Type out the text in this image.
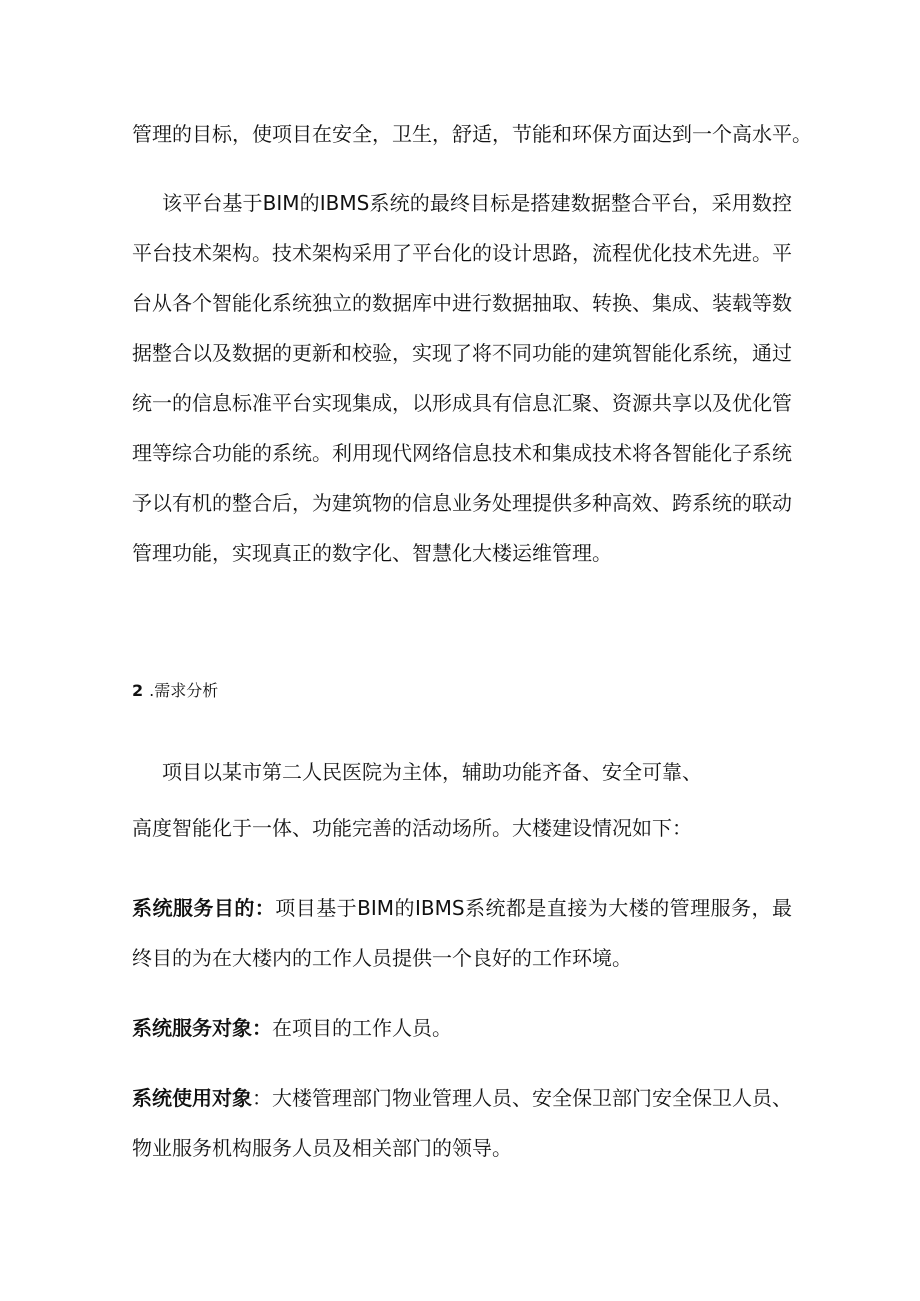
管理的目标，使项目在安全，卫生，舒适，节能和环保方面达到一个高水平。
该平台基于BIM的IBMS系统的最终目标是搭建数据整合平台，采用数控
平台技术架构。技术架构采用了平台化的设计思路，流程优化技术先进。平
台从各个智能化系统独立的数据库中进行数据抽取、转换、集成、装载等数
据整合以及数据的更新和校验，实现了将不同功能的建筑智能化系统，通过
统一的信息标准平台实现集成，以形成具有信息汇聚、资源共享以及优化管
理等综合功能的系统。利用现代网络信息技术和集成技术将各智能化子系统
予以有机的整合后，为建筑物的信息业务处理提供多种高效、跨系统的联动
管理功能，实现真正的数字化、智慧化大楼运维管理。
2 .需求分析
项目以某市第二人民医院为主体，辅助功能齐备、安全可靠、
高度智能化于一体、功能完善的活动场所。大楼建设情况如下：
系统服务目的：项目基于BIM的IBMS系统都是直接为大楼的管理服务，最
终目的为在大楼内的工作人员提供一个良好的工作环境。
系统服务对象：在项目的工作人员。
系统使用对象：大楼管理部门物业管理人员、安全保卫部门安全保卫人员、
物业服务机构服务人员及相关部门的领导。
